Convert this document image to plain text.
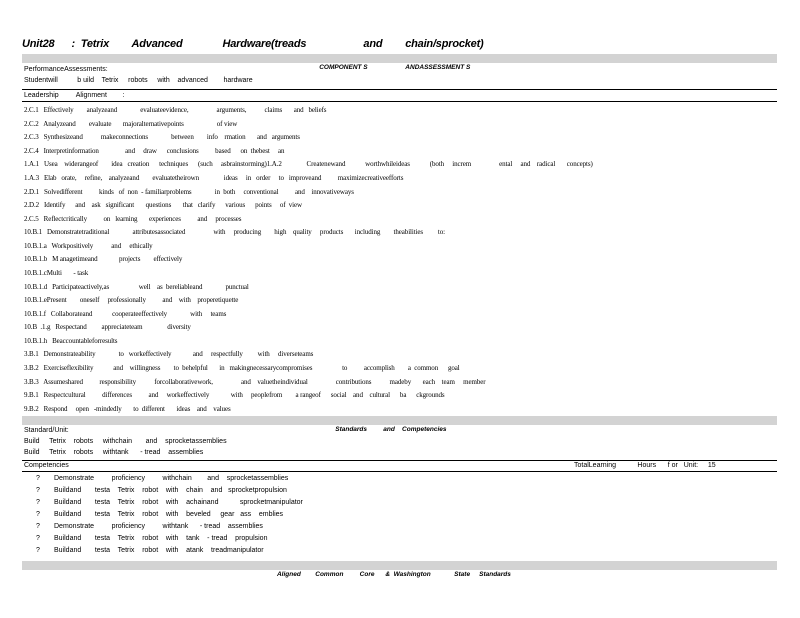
Unit28      :  Tetrix        Advanced              Hardware(treads                    and        chain/sprocket)

COMPONENT S                     ANDASSESSMENT S

PerformanceAssessments:
Studentwill          b uild    Tetrix     robots     with    advanced        hardware
Leadership         Alignment        :
2.C.1   Effectively        analyzeand              evaluateevidence,                 arguments,           claims       and   beliefs
2.C.2   Analyzeand        evaluate       majoralternativepoints                    of view
2.C.3   Synthesizeand           makeconnections              between        info    rmation       and   arguments
2.C.4   Interpretinformation                and     draw      conclusions          based      on  thebest     an
1.A.1   Usea    widerangeof        idea   creation      techniques      (such     asbrainstorming)1.A.2               Createnewand            worthwhileideas            (both     increm                 ental     and    radical       concepts)
1.A.3   Elab   orate,     refine,    analyzeand        evaluatetheirown               ideas     in   order     to   improveand          maximizecreativeefforts
2.D.1   Solvedifferent          kinds   of  non  - familiarproblems              in  both     conventional          and    innovativeways
2.D.2   Identify      and    ask   significant       questions       that   clarify      various      points     of  view
2.C.5   Reflectcritically          on   learning       experiences          and     processes
10.B.1   Demonstratetraditional              attributesassociated                 with     producing        high    quality     products       including        theabilities         to:
10.B.1.a   Workpositively           and     ethically
10.B.1.b   M anagetimeand             projects        effectively
10.B.1.cMulti       - task
10.B.1.d   Participateactively,as                  well    as  bereliableand              punctual
10.B.1.ePresent        oneself     professionally          and    with    properetiquette
10.B.1.f   Collaborateand            cooperateeffectively              with     teams
10.B  .1.g   Respectand         appreciateteam               diversity
10.B.1.h   Beaccountableforresults
3.B.1   Demonstrateability              to   workeffectively             and     respectfully         with     diverseteams
3.B.2   Exerciseflexibility            and    willingness        to  behelpful       in   makingnecessarycompromises                  to          accomplish        a  common      goal
3.B.3   Assumeshared          responsibility           forcollaborativework,                 and    valuetheindividual                 contributions           madeby       each    team     member
9.B.1   Respectcultural          differences          and     workeffectively             with     peoplefrom        a rangeof      social    and    cultural      ba      ckgrounds
9.B.2   Respond     open   -mindedly       to  different       ideas    and    values

Standards         and    Competencies

Standard/Unit:
Build     Tetrix    robots     withchain       and    sprocketassemblies
Build     Tetrix    robots     withtank      - tread    assemblies
Competencies	TotalLearning           Hours      f or   Unit:     15
? Demonstrate         proficiency         withchain        and    sprocketassemblies
? Buildand       testa    Tetrix    robot    with    chain    and   sprocketpropulsion
? Buildand       testa    Tetrix    robot    with    achainand           sprocketmanipulator
? Buildand       testa    Tetrix    robot    with    beveled     gear   ass    emblies
? Demonstrate         proficiency         withtank      - tread    assemblies
? Buildand       testa    Tetrix    robot    with    tank    - tread    propulsion
? Buildand       testa    Tetrix    robot    with    atank    treadmanipulator

Aligned        Common         Core      &  Washington             State     Standards
